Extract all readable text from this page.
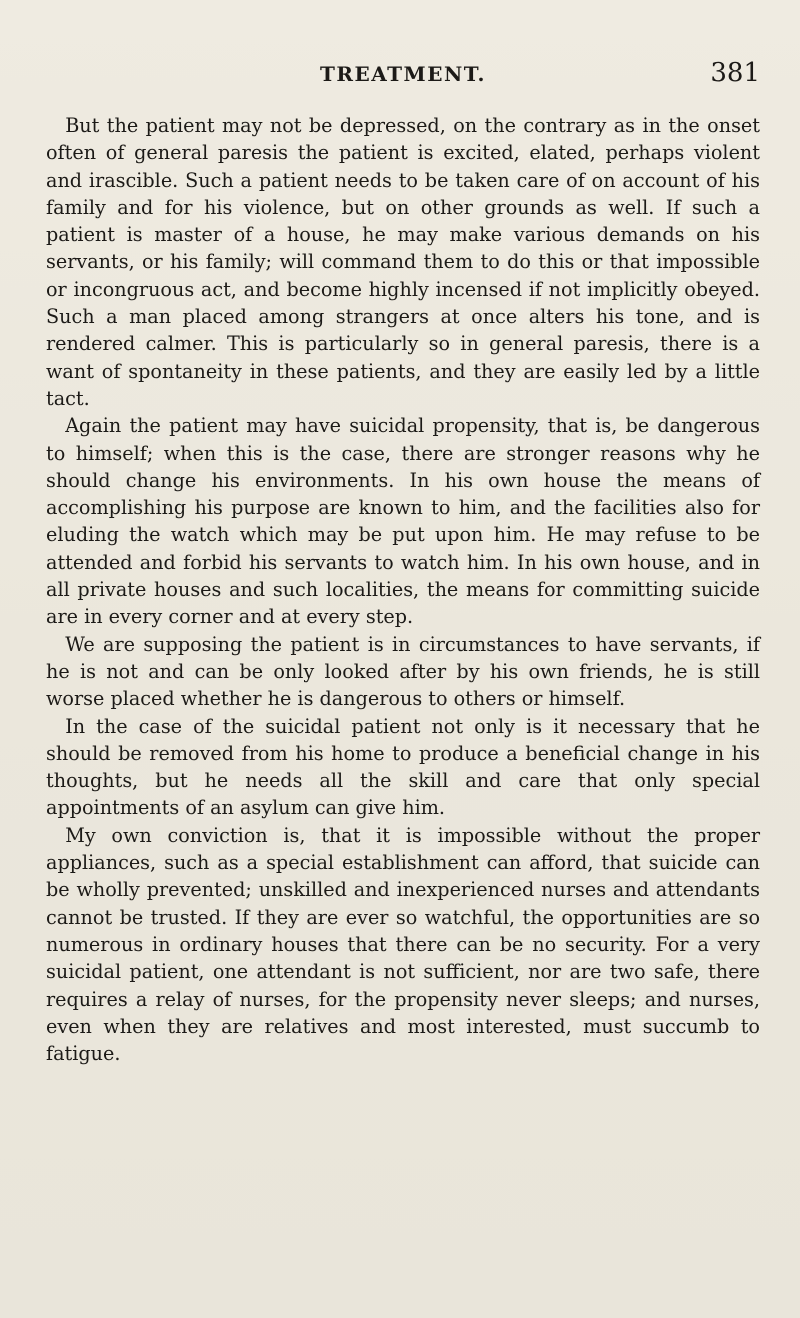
TREATMENT.	381

But the patient may not be depressed, on the contrary as in the onset often of general paresis the patient is excited, elated, perhaps violent and irascible. Such a patient needs to be taken care of on account of his family and for his violence, but on other grounds as well. If such a patient is master of a house, he may make various demands on his servants, or his family; will command them to do this or that impossible or incongruous act, and become highly incensed if not implicitly obeyed. Such a man placed among strangers at once alters his tone, and is rendered calmer. This is particularly so in general paresis, there is a want of spontaneity in these patients, and they are easily led by a little tact.

Again the patient may have suicidal propensity, that is, be dangerous to himself; when this is the case, there are stronger reasons why he should change his environments. In his own house the means of accomplishing his purpose are known to him, and the facilities also for eluding the watch which may be put upon him. He may refuse to be attended and forbid his servants to watch him. In his own house, and in all private houses and such localities, the means for committing suicide are in every corner and at every step.

We are supposing the patient is in circumstances to have servants, if he is not and can be only looked after by his own friends, he is still worse placed whether he is dangerous to others or himself.

In the case of the suicidal patient not only is it necessary that he should be removed from his home to produce a beneficial change in his thoughts, but he needs all the skill and care that only special appointments of an asylum can give him.

My own conviction is, that it is impossible without the proper appliances, such as a special establishment can afford, that suicide can be wholly prevented; unskilled and inexperienced nurses and attendants cannot be trusted. If they are ever so watchful, the opportunities are so numerous in ordinary houses that there can be no security. For a very suicidal patient, one attendant is not sufficient, nor are two safe, there requires a relay of nurses, for the propensity never sleeps; and nurses, even when they are relatives and most interested, must succumb to fatigue.
